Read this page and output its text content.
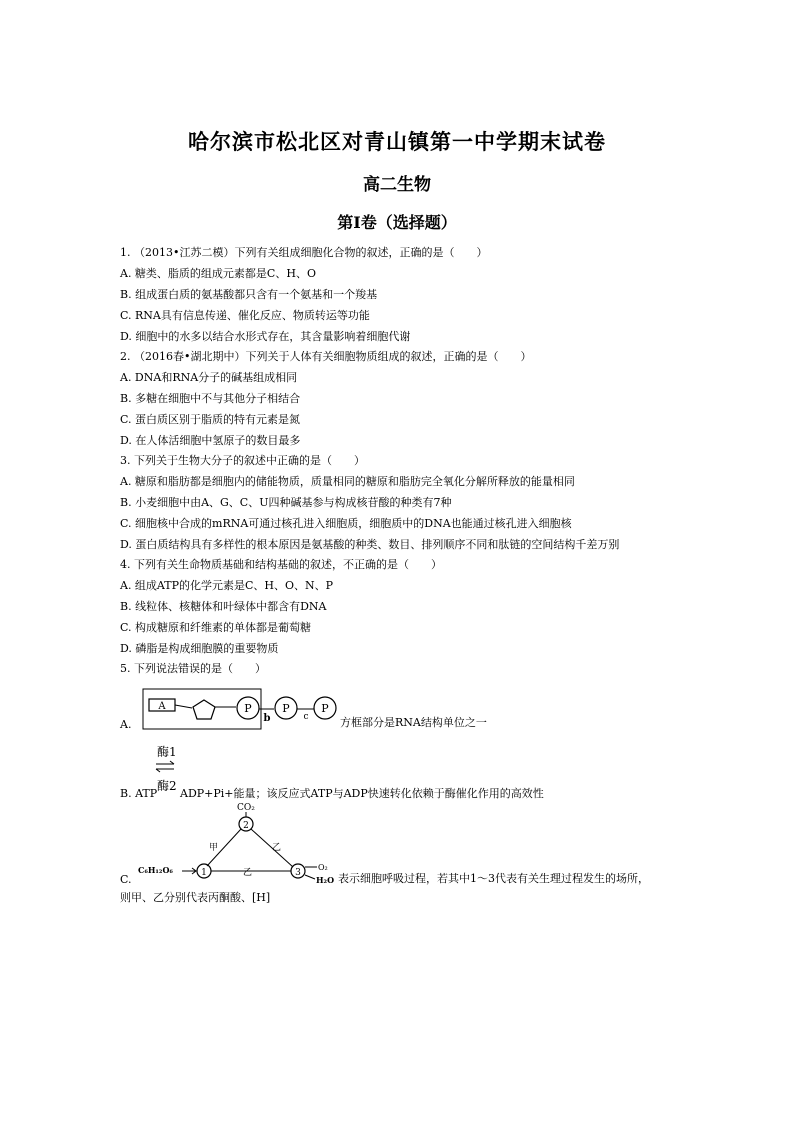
哈尔滨市松北区对青山镇第一中学期末试卷
高二生物
第I卷（选择题）
1. （2013•江苏二模）下列有关组成细胞化合物的叙述，正确的是（　　）
A. 糖类、脂质的组成元素都是C、H、O
B. 组成蛋白质的氨基酸都只含有一个氨基和一个羧基
C. RNA具有信息传递、催化反应、物质转运等功能
D. 细胞中的水多以结合水形式存在，其含量影响着细胞代谢
2. （2016春•湖北期中）下列关于人体有关细胞物质组成的叙述，正确的是（　　）
A. DNA和RNA分子的碱基组成相同
B. 多糖在细胞中不与其他分子相结合
C. 蛋白质区别于脂质的特有元素是氮
D. 在人体活细胞中氢原子的数目最多
3. 下列关于生物大分子的叙述中正确的是（　　）
A. 糖原和脂肪都是细胞内的储能物质，质量相同的糖原和脂肪完全氧化分解所释放的能量相同
B. 小麦细胞中由A、G、C、U四种碱基参与构成核苷酸的种类有7种
C. 细胞核中合成的mRNA可通过核孔进入细胞质，细胞质中的DNA也能通过核孔进入细胞核
D. 蛋白质结构具有多样性的根本原因是氨基酸的种类、数目、排列顺序不同和肽链的空间结构千差万别
4. 下列有关生命物质基础和结构基础的叙述，不正确的是（　　）
A. 组成ATP的化学元素是C、H、O、N、P
B. 线粒体、核糖体和叶绿体中都含有DNA
C. 构成糖原和纤维素的单体都是葡萄糖
D. 磷脂是构成细胞膜的重要物质
5. 下列说法错误的是（　　）
A.
A	P
b
P
c
P
方框部分是RNA结构单位之一
酶1
酶2
B. ATP ADP+Pi+能量；该反应式ATP与ADP快速转化依赖于酶催化作用的高效性
C.
CO₂
2
甲	乙
C₆H₁₂O₆	1	乙	3
O₂
H₂O 表示细胞呼吸过程，若其中1～3代表有关生理过程发生的场所，
则甲、乙分别代表丙酮酸、[H]
